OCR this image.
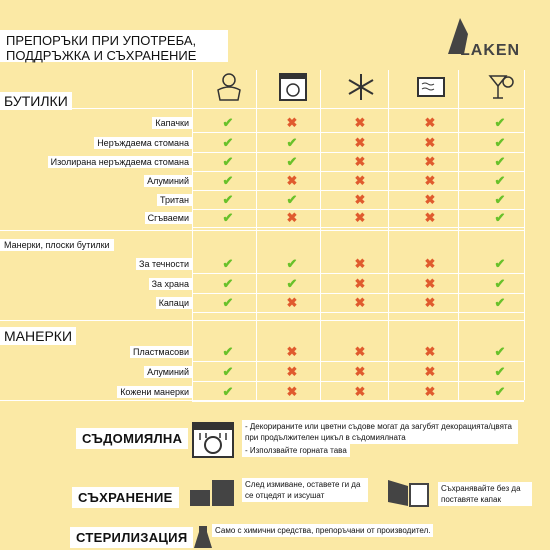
ПРЕПОРЪКИ ПРИ УПОТРЕБА,
ПОДДРЪЖКА И СЪХРАНЕНИЕ	LAKEN
БУТИЛКИ
Капачки	✔	✖	✖	✖	✔
Неръждаема стомана	✔	✔	✖	✖	✔
Изолирана неръждаема стомана	✔	✔	✖	✖	✔
Алуминий	✔	✖	✖	✖	✔
Тритан	✔	✔	✖	✖	✔
Сгъваеми	✔	✖	✖	✖	✔
Манерки, плоски бутилки
За течности	✔	✔	✖	✖	✔
За храна	✔	✔	✖	✖	✔
Капаци	✔	✖	✖	✖	✔
МАНЕРКИ
Пластмасови	✔	✖	✖	✖	✔
Алуминий	✔	✖	✖	✖	✔
Кожени манерки	✔	✖	✖	✖	✔
СЪДОМИЯЛНА
- Декорираните или цветни съдове могат да загубят декорацията/цвята при продължителен цикъл в съдомиялната
- Използвайте горната тава
СЪХРАНЕНИЕ
След измиване, оставете ги да се отцедят и изсушат
Съхранявайте без да поставяте капак
СТЕРИЛИЗАЦИЯ	Само с химични средства, препоръчани от производител.
